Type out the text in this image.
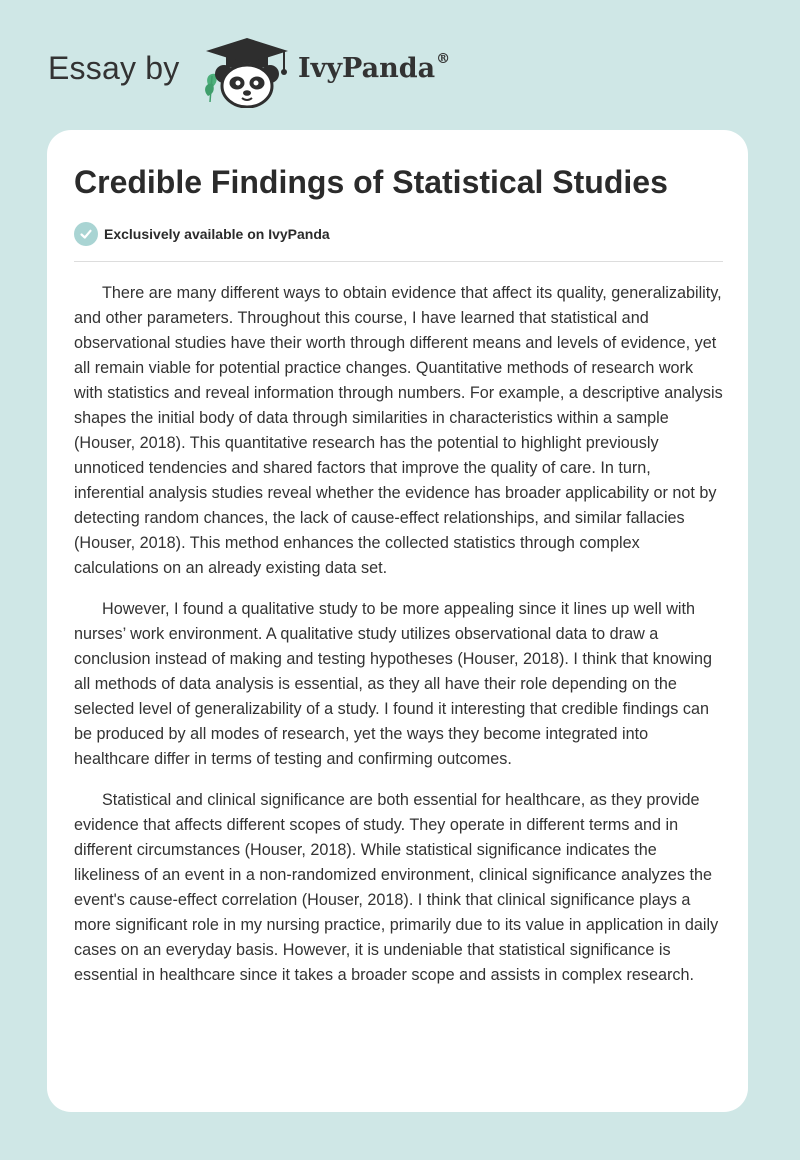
Essay by	IvyPanda®
Credible Findings of Statistical Studies
Exclusively available on IvyPanda

There are many different ways to obtain evidence that affect its quality, generalizability, and other parameters. Throughout this course, I have learned that statistical and observational studies have their worth through different means and levels of evidence, yet all remain viable for potential practice changes. Quantitative methods of research work with statistics and reveal information through numbers. For example, a descriptive analysis shapes the initial body of data through similarities in characteristics within a sample (Houser, 2018). This quantitative research has the potential to highlight previously unnoticed tendencies and shared factors that improve the quality of care. In turn, inferential analysis studies reveal whether the evidence has broader applicability or not by detecting random chances, the lack of cause-effect relationships, and similar fallacies (Houser, 2018). This method enhances the collected statistics through complex calculations on an already existing data set.

However, I found a qualitative study to be more appealing since it lines up well with nurses’ work environment. A qualitative study utilizes observational data to draw a conclusion instead of making and testing hypotheses (Houser, 2018). I think that knowing all methods of data analysis is essential, as they all have their role depending on the selected level of generalizability of a study. I found it interesting that credible findings can be produced by all modes of research, yet the ways they become integrated into healthcare differ in terms of testing and confirming outcomes.

Statistical and clinical significance are both essential for healthcare, as they provide evidence that affects different scopes of study. They operate in different terms and in different circumstances (Houser, 2018). While statistical significance indicates the likeliness of an event in a non-randomized environment, clinical significance analyzes the event's cause-effect correlation (Houser, 2018). I think that clinical significance plays a more significant role in my nursing practice, primarily due to its value in application in daily cases on an everyday basis. However, it is undeniable that statistical significance is essential in healthcare since it takes a broader scope and assists in complex research.
